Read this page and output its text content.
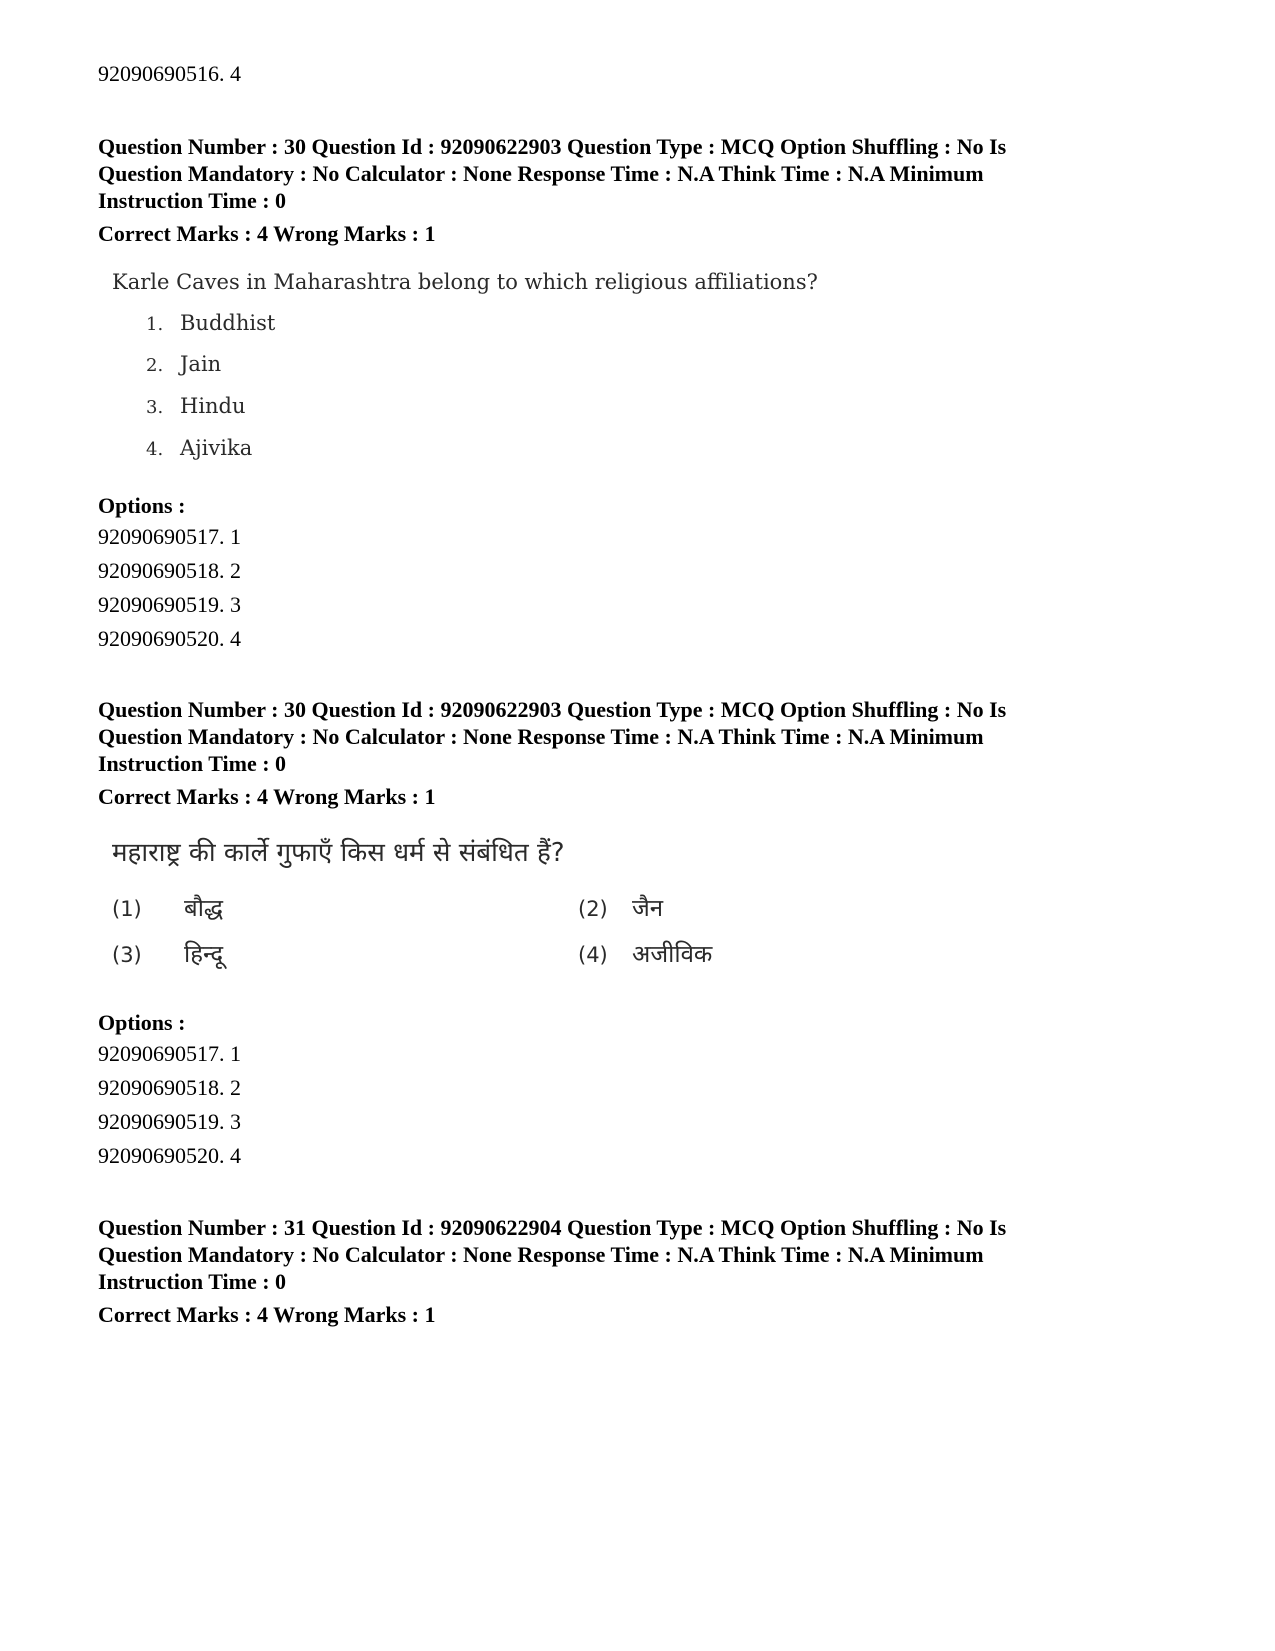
92090690516. 4
Question Number : 30 Question Id : 92090622903 Question Type : MCQ Option Shuffling : No Is
Question Mandatory : No Calculator : None Response Time : N.A Think Time : N.A Minimum
Instruction Time : 0
Correct Marks : 4 Wrong Marks : 1
Karle Caves in Maharashtra belong to which religious affiliations?
1. Buddhist
2. Jain
3. Hindu
4. Ajivika
Options :
92090690517. 1
92090690518. 2
92090690519. 3
92090690520. 4
Question Number : 30 Question Id : 92090622903 Question Type : MCQ Option Shuffling : No Is
Question Mandatory : No Calculator : None Response Time : N.A Think Time : N.A Minimum
Instruction Time : 0
Correct Marks : 4 Wrong Marks : 1
महाराष्ट्र की कार्ले गुफाएँ किस धर्म से संबंधित हैं?
(1) बौद्ध	(2) जैन
(3) हिन्दू	(4) अजीविक
Options :
92090690517. 1
92090690518. 2
92090690519. 3
92090690520. 4
Question Number : 31 Question Id : 92090622904 Question Type : MCQ Option Shuffling : No Is
Question Mandatory : No Calculator : None Response Time : N.A Think Time : N.A Minimum
Instruction Time : 0
Correct Marks : 4 Wrong Marks : 1
